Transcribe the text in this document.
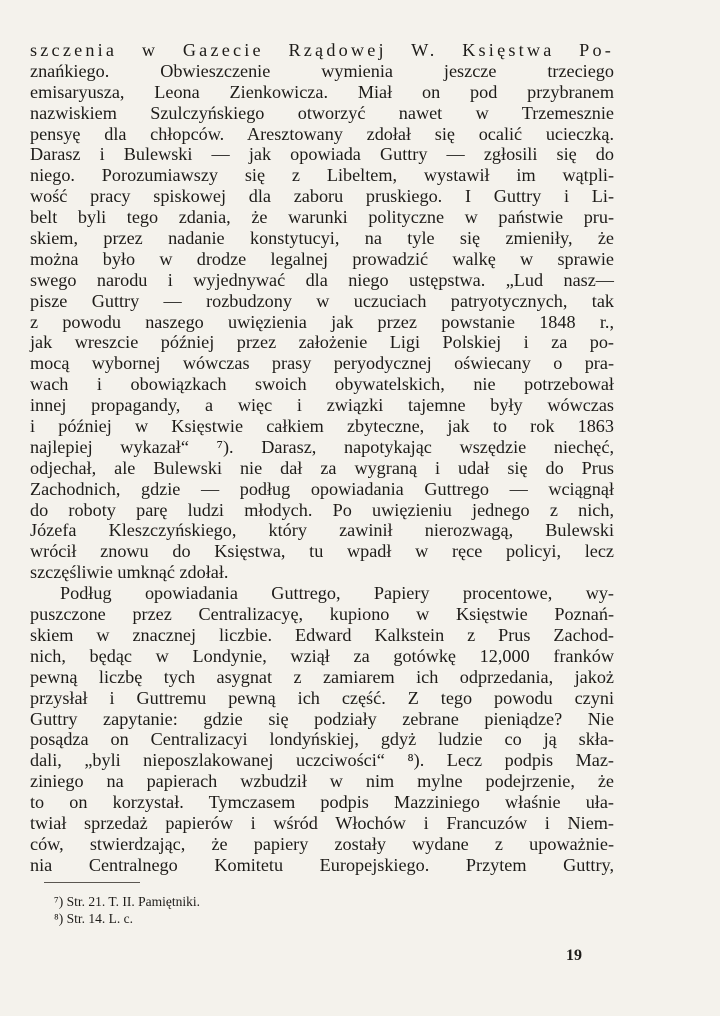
szczenia w Gazecie Rządowej W. Księstwa Po-
znańkiego. Obwieszczenie wymienia jeszcze trzeciego
emisaryusza, Leona Zienkowicza. Miał on pod przybranem
nazwiskiem Szulczyńskiego otworzyć nawet w Trzemesznie
pensyę dla chłopców. Aresztowany zdołał się ocalić ucieczką.
Darasz i Bulewski — jak opowiada Guttry — zgłosili się do
niego. Porozumiawszy się z Libeltem, wystawił im wątpli-
wość pracy spiskowej dla zaboru pruskiego. I Guttry i Li-
belt byli tego zdania, że warunki polityczne w państwie pru-
skiem, przez nadanie konstytucyi, na tyle się zmieniły, że
można było w drodze legalnej prowadzić walkę w sprawie
swego narodu i wyjednywać dla niego ustępstwa. „Lud nasz—
pisze Guttry — rozbudzony w uczuciach patryotycznych, tak
z powodu naszego uwięzienia jak przez powstanie 1848 r.,
jak wreszcie później przez założenie Ligi Polskiej i za po-
mocą wybornej wówczas prasy peryodycznej oświecany o pra-
wach i obowiązkach swoich obywatelskich, nie potrzebował
innej propagandy, a więc i związki tajemne były wówczas
i później w Księstwie całkiem zbyteczne, jak to rok 1863
najlepiej wykazał“ ⁷). Darasz, napotykając wszędzie niechęć,
odjechał, ale Bulewski nie dał za wygraną i udał się do Prus
Zachodnich, gdzie — podług opowiadania Guttrego — wciągnął
do roboty parę ludzi młodych. Po uwięzieniu jednego z nich,
Józefa Kleszczyńskiego, który zawinił nierozwagą, Bulewski
wrócił znowu do Księstwa, tu wpadł w ręce policyi, lecz
szczęśliwie umknąć zdołał.
Podług opowiadania Guttrego, Papiery procentowe, wy-
puszczone przez Centralizacyę, kupiono w Księstwie Poznań-
skiem w znacznej liczbie. Edward Kalkstein z Prus Zachod-
nich, będąc w Londynie, wziął za gotówkę 12,000 franków
pewną liczbę tych asygnat z zamiarem ich odprzedania, jakoż
przysłał i Guttremu pewną ich część. Z tego powodu czyni
Guttry zapytanie: gdzie się podziały zebrane pieniądze? Nie
posądza on Centralizacyi londyńskiej, gdyż ludzie co ją skła-
dali, „byli nieposzlakowanej uczciwości“ ⁸). Lecz podpis Maz-
ziniego na papierach wzbudził w nim mylne podejrzenie, że
to on korzystał. Tymczasem podpis Mazziniego właśnie uła-
twiał sprzedaż papierów i wśród Włochów i Francuzów i Niem-
ców, stwierdzając, że papiery zostały wydane z upoważnie-
nia Centralnego Komitetu Europejskiego. Przytem Guttry,
⁷) Str. 21. T. II. Pamiętniki.
⁸) Str. 14. L. c.
19
